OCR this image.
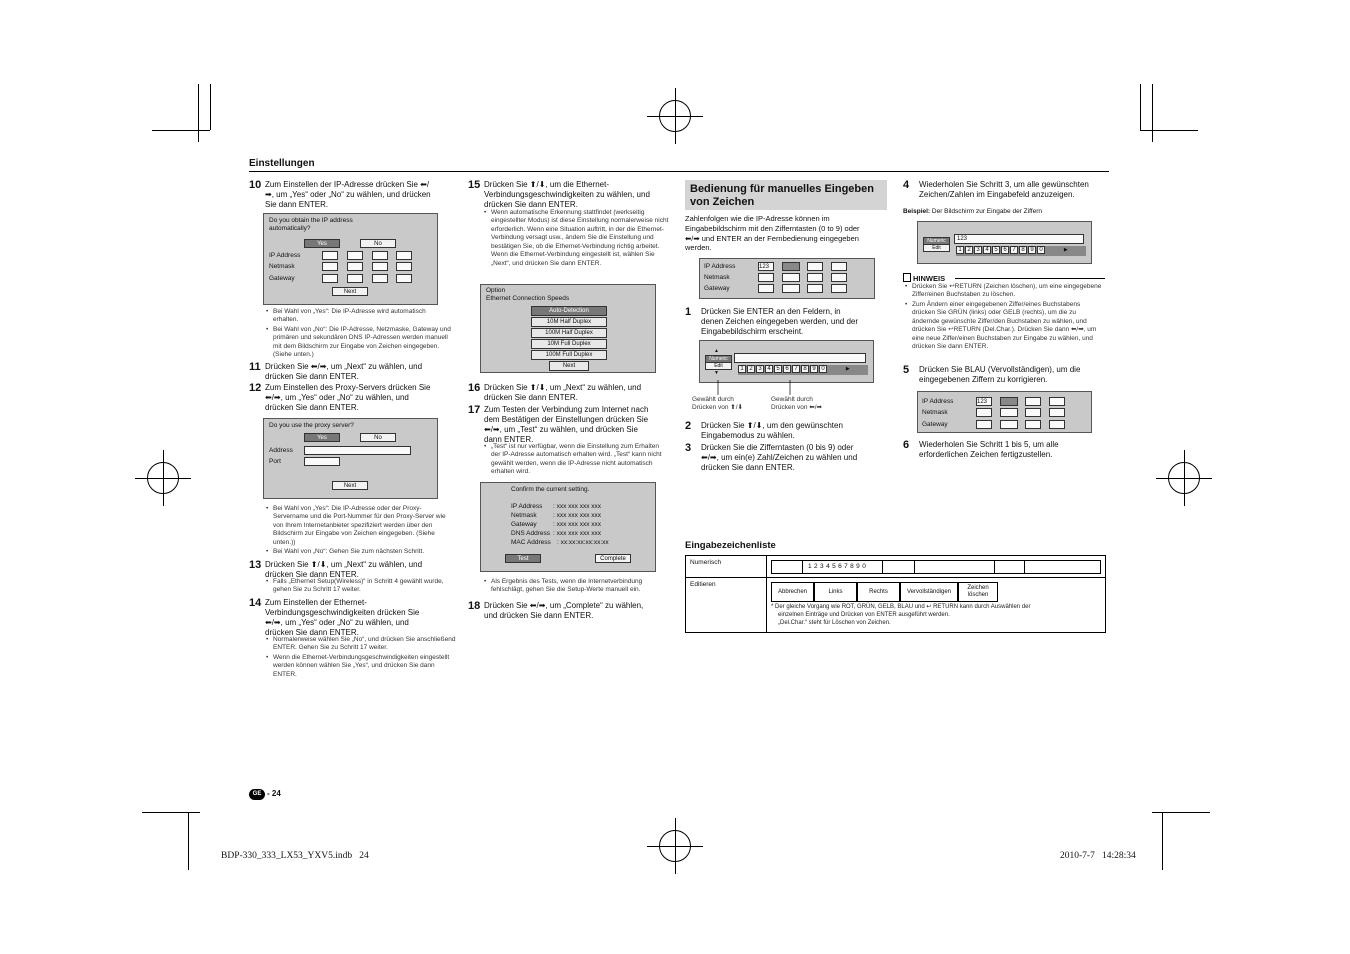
Einstellungen
10 Zum Einstellen der IP-Adresse drücken Sie ⬅/
➡, um „Yes“ oder „No“ zu wählen, und drücken
Sie dann ENTER.
Do you obtain the IP address
automatically?
Yes	No
IP Address
Netmask
Gateway
Next

• Bei Wahl von „Yes“: Die IP-Adresse wird automatisch erhalten.

• Bei Wahl von „No“: Die IP-Adresse, Netzmaske, Gateway und primären und sekundären DNS IP-Adressen werden manuell mit dem Bildschirm zur Eingabe von Zeichen eingegeben. (Siehe unten.)

11 Drücken Sie ⬅/➡, um „Next“ zu wählen, und
drücken Sie dann ENTER.
12 Zum Einstellen des Proxy-Servers drücken Sie
⬅/➡, um „Yes“ oder „No“ zu wählen, und
drücken Sie dann ENTER.
Do you use the proxy server?
Yes	No
Address
Port
Next

• Bei Wahl von „Yes“: Die IP-Adresse oder der Proxy-Servername und die Port-Nummer für den Proxy-Server wie von Ihrem Internetanbieter spezifiziert werden über den Bildschirm zur Eingabe von Zeichen eingegeben. (Siehe unten.))

• Bei Wahl von „No“: Gehen Sie zum nächsten Schritt.

13 Drücken Sie ⬆/⬇, um „Next“ zu wählen, und
drücken Sie dann ENTER.

• Falls „Ethernet Setup(Wireless)“ in Schritt 4 gewählt wurde, gehen Sie zu Schritt 17 weiter.

14 Zum Einstellen der Ethernet-
Verbindungsgeschwindigkeiten drücken Sie
⬅/➡, um „Yes“ oder „No“ zu wählen, und
drücken Sie dann ENTER.

• Normalerweise wählen Sie „No“, und drücken Sie anschließend ENTER. Gehen Sie zu Schritt 17 weiter.

• Wenn die Ethernet-Verbindungsgeschwindigkeiten eingestellt werden können wählen Sie „Yes“, und drücken Sie dann ENTER.

15 Drücken Sie ⬆/⬇, um die Ethernet-
Verbindungsgeschwindigkeiten zu wählen, und
drücken Sie dann ENTER.

• Wenn automatische Erkennung stattfindet (werkseitig eingestellter Modus) ist diese Einstellung normalerweise nicht erforderlich. Wenn eine Situation auftritt, in der die Ethernet-Verbindung versagt usw., ändern Sie die Einstellung und bestätigen Sie, ob die Ethernet-Verbindung richtig arbeitet. Wenn die Ethernet-Verbindung eingestellt ist, wählen Sie „Next“, und drücken Sie dann ENTER.

Option
Ethernet Connection Speeds
Auto-Detection
10M Half Duplex
100M Half Duplex
10M Full Duplex
100M Full Duplex
Next
16 Drücken Sie ⬆/⬇, um „Next“ zu wählen, und
drücken Sie dann ENTER.
17 Zum Testen der Verbindung zum Internet nach
dem Bestätigen der Einstellungen drücken Sie
⬅/➡, um „Test“ zu wählen, und drücken Sie
dann ENTER.

• „Test“ ist nur verfügbar, wenn die Einstellung zum Erhalten der IP-Adresse automatisch erhalten wird. „Test“ kann nicht gewählt werden, wenn die IP-Adresse nicht automatisch erhalten wird.

Confirm the current setting.
IP Address : xxx xxx xxx xxx
Netmask	: xxx xxx xxx xxx
Gateway	: xxx xxx xxx xxx
DNS Address : xxx xxx xxx xxx
MAC Address : xx:xx:xx:xx:xx:xx
Test	Complete

• Als Ergebnis des Tests, wenn die Internetverbindung fehlschlägt, gehen Sie die Setup-Werte manuell ein.

18 Drücken Sie ⬅/➡, um „Complete“ zu wählen,
und drücken Sie dann ENTER.
Bedienung für manuelles Eingeben
von Zeichen
Zahlenfolgen wie die IP-Adresse können im
Eingabebildschirm mit den Zifferntasten (0 to 9) oder
⬅/➡ und ENTER an der Fernbedienung eingegeben
werden.
IP Address
Netmask
Gateway
123
1 Drücken Sie ENTER an den Feldern, in
denen Zeichen eingegeben werden, und der
Eingabebildschirm erscheint.
▲
Numeric
Edit
▼
1 2 3 4 5 6 7 8 9 0	▶
Gewählt durch
Drücken von ⬆/⬇
Gewählt durch
Drücken von ⬅/➡
2 Drücken Sie ⬆/⬇, um den gewünschten
Eingabemodus zu wählen.
3 Drücken Sie die Zifferntasten (0 bis 9) oder
⬅/➡, um ein(e) Zahl/Zeichen zu wählen und
drücken Sie dann ENTER.
4 Wiederholen Sie Schritt 3, um alle gewünschten
Zeichen/Zahlen im Eingabefeld anzuzeigen.
Beispiel: Der Bildschirm zur Eingabe der Ziffern
123
Numeric
Edit	1 2 3 4 5 6 7 8 9 0	▶
HINWEIS

• Drücken Sie ↩RETURN (Zeichen löschen), um eine eingegebene Ziffer/einen Buchstaben zu löschen.

• Zum Ändern einer eingegebenen Ziffer/eines Buchstabens drücken Sie GRÜN (links) oder GELB (rechts), um die zu ändernde gewünschte Ziffer/den Buchstaben zu wählen, und drücken Sie ↩RETURN (Del.Char.). Drücken Sie dann ⬅/➡, um eine neue Ziffer/einen Buchstaben zur Eingabe zu wählen, und drücken Sie dann ENTER.

5 Drücken Sie BLAU (Vervollständigen), um die
eingegebenen Ziffern zu korrigieren.
IP Address
Netmask
Gateway
123
6 Wiederholen Sie Schritt 1 bis 5, um alle
erforderlichen Zeichen fertigzustellen.
Eingabezeichenliste
Numerisch
1 2 3 4 5 6 7 8 9 0
Editieren
Abbrechen	Links	Rechts	Vervollständigen
Zeichen löschen
* Der gleiche Vorgang wie ROT, GRÜN, GELB, BLAU und ↩ RETURN kann durch Auswählen der
einzelnen Einträge und Drücken von ENTER ausgeführt werden.
„Del.Char.“ steht für Löschen von Zeichen.
GE - 24
BDP-330_333_LX53_YXV5.indb   24	2010-7-7   14:28:34
